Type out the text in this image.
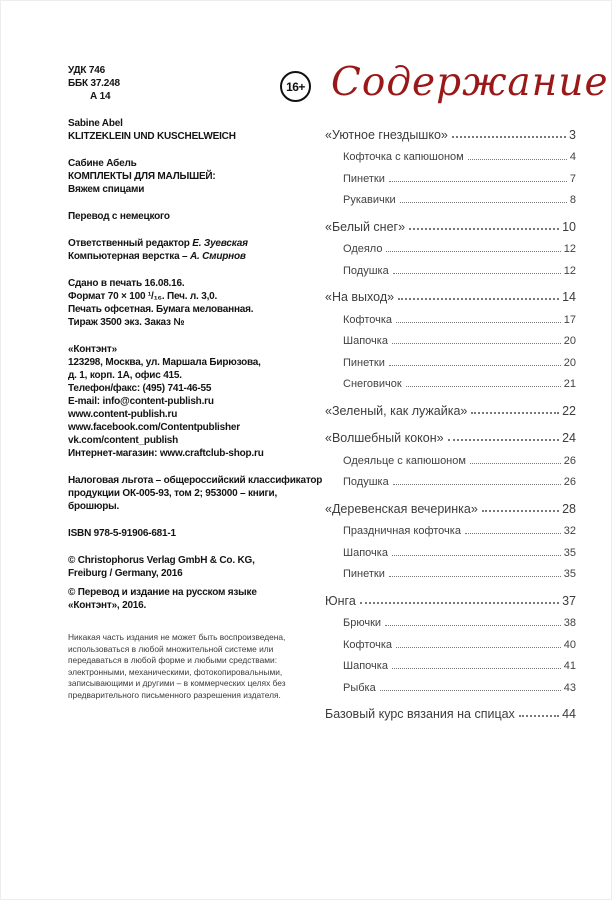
УДК 746
ББК 37.248
А 14
Sabine Abel
KLITZEKLEIN UND KUSCHELWEICH
Сабине Абель
КОМПЛЕКТЫ ДЛЯ МАЛЫШЕЙ:
Вяжем спицами
Перевод с немецкого
Ответственный редактор Е. Зуевская
Компьютерная верстка – А. Смирнов
Сдано в печать 16.08.16.
Формат 70 × 100 ¹/₁₆. Печ. л. 3,0.
Печать офсетная. Бумага мелованная.
Тираж 3500 экз. Заказ №
«Контэнт»
123298, Москва, ул. Маршала Бирюзова,
д. 1, корп. 1А, офис 415.
Телефон/факс: (495) 741-46-55
E-mail: info@content-publish.ru
www.content-publish.ru
www.facebook.com/Contentpublisher
vk.com/content_publish
Интернет-магазин: www.craftclub-shop.ru
Налоговая льгота – общероссийский классификатор
продукции ОК-005-93, том 2; 953000 – книги,
брошюры.
ISBN 978-5-91906-681-1
© Christophorus Verlag GmbH & Co. KG,
Freiburg / Germany, 2016
© Перевод и издание на русском языке
«Контэнт», 2016.
Никакая часть издания не может быть воспроизведена, использоваться в любой множительной системе или передаваться в любой форме и любыми средствами: электронными, механическими, фотокопировальными, записывающими и другими – в коммерческих целях без предварительного письменного разрешения издателя.
16+ Содержание
«Уютное гнездышко»	3
Кофточка с капюшоном	4
Пинетки	7
Рукавички	8
«Белый снег»	10
Одеяло	12
Подушка	12
«На выход»	14
Кофточка	17
Шапочка	20
Пинетки	20
Снеговичок	21
«Зеленый, как лужайка»	22
«Волшебный кокон»	24
Одеяльце с капюшоном	26
Подушка	26
«Деревенская вечеринка»	28
Праздничная кофточка	32
Шапочка	35
Пинетки	35
Юнга	37
Брючки	38
Кофточка	40
Шапочка	41
Рыбка	43
Базовый курс вязания на спицах	44
